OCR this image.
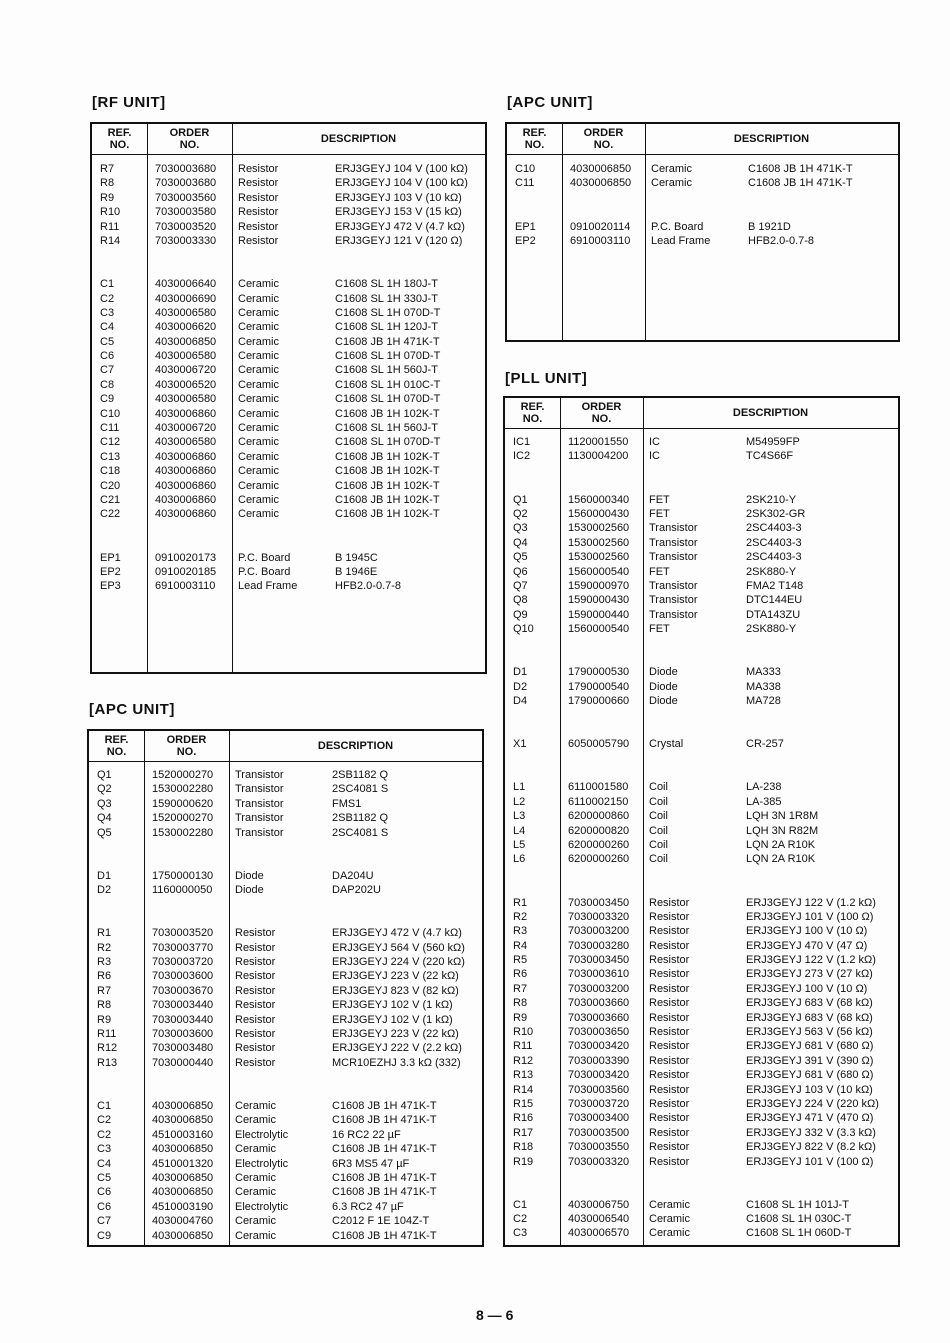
[RF UNIT]
REF.
NO.
ORDER
NO.	DESCRIPTION
R7	7030003680 Resistor	ERJ3GEYJ 104 V (100 kΩ)
R8	7030003680 Resistor	ERJ3GEYJ 104 V (100 kΩ)
R9	7030003560 Resistor	ERJ3GEYJ 103 V (10 kΩ)
R10	7030003580 Resistor	ERJ3GEYJ 153 V (15 kΩ)
R11	7030003520 Resistor	ERJ3GEYJ 472 V (4.7 kΩ)
R14	7030003330 Resistor	ERJ3GEYJ 121 V (120 Ω)
C1	4030006640 Ceramic	C1608 SL 1H 180J-T
C2	4030006690 Ceramic	C1608 SL 1H 330J-T
C3	4030006580 Ceramic	C1608 SL 1H 070D-T
C4	4030006620 Ceramic	C1608 SL 1H 120J-T
C5	4030006850 Ceramic	C1608 JB 1H 471K-T
C6	4030006580 Ceramic	C1608 SL 1H 070D-T
C7	4030006720 Ceramic	C1608 SL 1H 560J-T
C8	4030006520 Ceramic	C1608 SL 1H 010C-T
C9	4030006580 Ceramic	C1608 SL 1H 070D-T
C10	4030006860 Ceramic	C1608 JB 1H 102K-T
C11	4030006720 Ceramic	C1608 SL 1H 560J-T
C12	4030006580 Ceramic	C1608 SL 1H 070D-T
C13	4030006860 Ceramic	C1608 JB 1H 102K-T
C18	4030006860 Ceramic	C1608 JB 1H 102K-T
C20	4030006860 Ceramic	C1608 JB 1H 102K-T
C21	4030006860 Ceramic	C1608 JB 1H 102K-T
C22	4030006860 Ceramic	C1608 JB 1H 102K-T
EP1	0910020173 P.C. Board	B 1945C
EP2	0910020185 P.C. Board	B 1946E
EP3	6910003110 Lead Frame	HFB2.0-0.7-8
[APC UNIT]
REF.
NO.
ORDER
NO.	DESCRIPTION
Q1	1520000270 Transistor	2SB1182 Q
Q2	1530002280 Transistor	2SC4081 S
Q3	1590000620 Transistor	FMS1
Q4	1520000270 Transistor	2SB1182 Q
Q5	1530002280 Transistor	2SC4081 S
D1	1750000130 Diode	DA204U
D2	1160000050 Diode	DAP202U
R1	7030003520 Resistor	ERJ3GEYJ 472 V (4.7 kΩ)
R2	7030003770 Resistor	ERJ3GEYJ 564 V (560 kΩ)
R3	7030003720 Resistor	ERJ3GEYJ 224 V (220 kΩ)
R6	7030003600 Resistor	ERJ3GEYJ 223 V (22 kΩ)
R7	7030003670 Resistor	ERJ3GEYJ 823 V (82 kΩ)
R8	7030003440 Resistor	ERJ3GEYJ 102 V (1 kΩ)
R9	7030003440 Resistor	ERJ3GEYJ 102 V (1 kΩ)
R11	7030003600 Resistor	ERJ3GEYJ 223 V (22 kΩ)
R12	7030003480 Resistor	ERJ3GEYJ 222 V (2.2 kΩ)
R13	7030000440 Resistor	MCR10EZHJ 3.3 kΩ (332)
C1	4030006850 Ceramic	C1608 JB 1H 471K-T
C2	4030006850 Ceramic	C1608 JB 1H 471K-T
C2	4510003160 Electrolytic	16 RC2 22 µF
C3	4030006850 Ceramic	C1608 JB 1H 471K-T
C4	4510001320 Electrolytic	6R3 MS5 47 µF
C5	4030006850 Ceramic	C1608 JB 1H 471K-T
C6	4030006850 Ceramic	C1608 JB 1H 471K-T
C6	4510003190 Electrolytic	6.3 RC2 47 µF
C7	4030004760 Ceramic	C2012 F 1E 104Z-T
C9	4030006850 Ceramic	C1608 JB 1H 471K-T
[APC UNIT]
REF.
NO.
ORDER
NO.	DESCRIPTION
C10	4030006850 Ceramic	C1608 JB 1H 471K-T
C11	4030006850 Ceramic	C1608 JB 1H 471K-T
EP1	0910020114 P.C. Board	B 1921D
EP2	6910003110 Lead Frame	HFB2.0-0.7-8
[PLL UNIT]
REF.
NO.
ORDER
NO.	DESCRIPTION
IC1	1120001550 IC	M54959FP
IC2	1130004200 IC	TC4S66F
Q1	1560000340 FET	2SK210-Y
Q2	1560000430 FET	2SK302-GR
Q3	1530002560 Transistor	2SC4403-3
Q4	1530002560 Transistor	2SC4403-3
Q5	1530002560 Transistor	2SC4403-3
Q6	1560000540 FET	2SK880-Y
Q7	1590000970 Transistor	FMA2 T148
Q8	1590000430 Transistor	DTC144EU
Q9	1590000440 Transistor	DTA143ZU
Q10	1560000540 FET	2SK880-Y
D1	1790000530 Diode	MA333
D2	1790000540 Diode	MA338
D4	1790000660 Diode	MA728
X1	6050005790 Crystal	CR-257
L1	6110001580 Coil	LA-238
L2	6110002150 Coil	LA-385
L3	6200000860 Coil	LQH 3N 1R8M
L4	6200000820 Coil	LQH 3N R82M
L5	6200000260 Coil	LQN 2A R10K
L6	6200000260 Coil	LQN 2A R10K
R1	7030003450 Resistor	ERJ3GEYJ 122 V (1.2 kΩ)
R2	7030003320 Resistor	ERJ3GEYJ 101 V (100 Ω)
R3	7030003200 Resistor	ERJ3GEYJ 100 V (10 Ω)
R4	7030003280 Resistor	ERJ3GEYJ 470 V (47 Ω)
R5	7030003450 Resistor	ERJ3GEYJ 122 V (1.2 kΩ)
R6	7030003610 Resistor	ERJ3GEYJ 273 V (27 kΩ)
R7	7030003200 Resistor	ERJ3GEYJ 100 V (10 Ω)
R8	7030003660 Resistor	ERJ3GEYJ 683 V (68 kΩ)
R9	7030003660 Resistor	ERJ3GEYJ 683 V (68 kΩ)
R10	7030003650 Resistor	ERJ3GEYJ 563 V (56 kΩ)
R11	7030003420 Resistor	ERJ3GEYJ 681 V (680 Ω)
R12	7030003390 Resistor	ERJ3GEYJ 391 V (390 Ω)
R13	7030003420 Resistor	ERJ3GEYJ 681 V (680 Ω)
R14	7030003560 Resistor	ERJ3GEYJ 103 V (10 kΩ)
R15	7030003720 Resistor	ERJ3GEYJ 224 V (220 kΩ)
R16	7030003400 Resistor	ERJ3GEYJ 471 V (470 Ω)
R17	7030003500 Resistor	ERJ3GEYJ 332 V (3.3 kΩ)
R18	7030003550 Resistor	ERJ3GEYJ 822 V (8.2 kΩ)
R19	7030003320 Resistor	ERJ3GEYJ 101 V (100 Ω)
C1	4030006750 Ceramic	C1608 SL 1H 101J-T
C2	4030006540 Ceramic	C1608 SL 1H 030C-T
C3	4030006570 Ceramic	C1608 SL 1H 060D-T
8 — 6
